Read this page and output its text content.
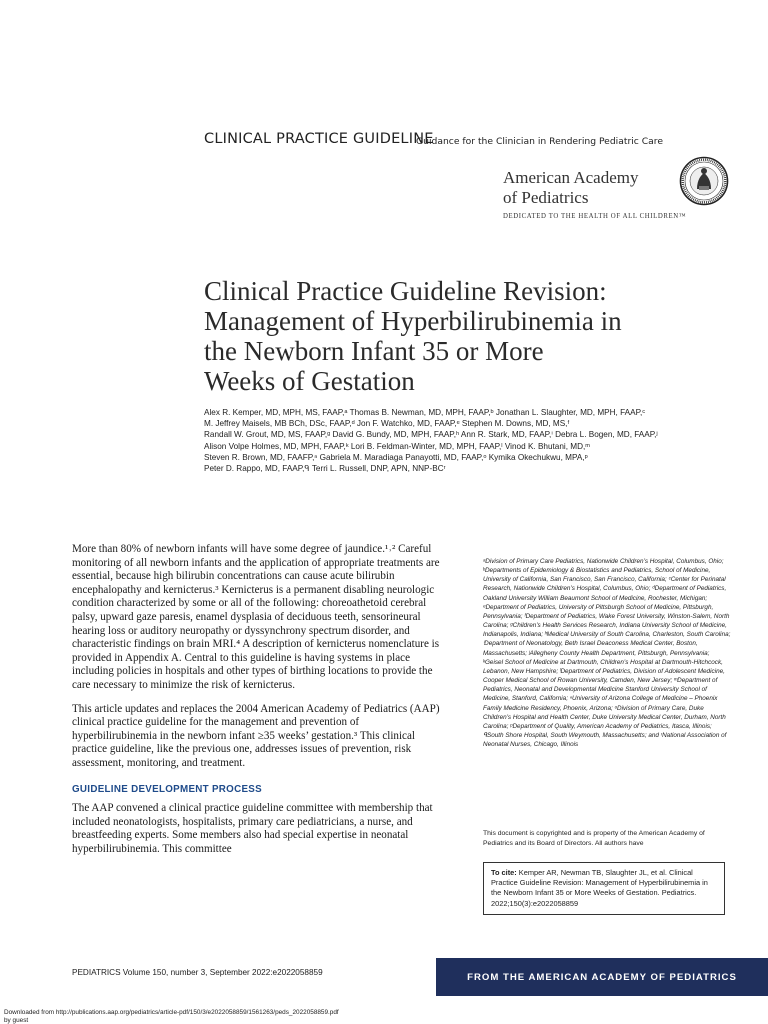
CLINICAL PRACTICE GUIDELINE
Guidance for the Clinician in Rendering Pediatric Care
American Academy
of Pediatrics
DEDICATED TO THE HEALTH OF ALL CHILDREN™
Clinical Practice Guideline Revision:
Management of Hyperbilirubinemia in
the Newborn Infant 35 or More
Weeks of Gestation

Alex R. Kemper, MD, MPH, MS, FAAP,ᵃ Thomas B. Newman, MD, MPH, FAAP,ᵇ Jonathan L. Slaughter, MD, MPH, FAAP,ᶜ

M. Jeffrey Maisels, MB BCh, DSc, FAAP,ᵈ Jon F. Watchko, MD, FAAP,ᵉ Stephen M. Downs, MD, MS,ᶠ

Randall W. Grout, MD, MS, FAAP,ᵍ David G. Bundy, MD, MPH, FAAP,ʰ Ann R. Stark, MD, FAAP,ⁱ Debra L. Bogen, MD, FAAP,ʲ

Alison Volpe Holmes, MD, MPH, FAAP,ᵏ Lori B. Feldman-Winter, MD, MPH, FAAP,ˡ Vinod K. Bhutani, MD,ᵐ

Steven R. Brown, MD, FAAFP,ⁿ Gabriela M. Maradiaga Panayotti, MD, FAAP,ᵒ Kymika Okechukwu, MPA,ᵖ

Peter D. Rappo, MD, FAAP,ᑫ Terri L. Russell, DNP, APN, NNP-BCʳ

More than 80% of newborn infants will have some degree of jaundice.¹˒² Careful monitoring of all newborn infants and the application of appropriate treatments are essential, because high bilirubin concentrations can cause acute bilirubin encephalopathy and kernicterus.³ Kernicterus is a permanent disabling neurologic condition characterized by some or all of the following: choreoathetoid cerebral palsy, upward gaze paresis, enamel dysplasia of deciduous teeth, sensorineural hearing loss or auditory neuropathy or dyssynchrony spectrum disorder, and characteristic findings on brain MRI.⁴ A description of kernicterus nomenclature is provided in Appendix A. Central to this guideline is having systems in place including policies in hospitals and other types of birthing locations to provide the care necessary to minimize the risk of kernicterus.

This article updates and replaces the 2004 American Academy of Pediatrics (AAP) clinical practice guideline for the management and prevention of hyperbilirubinemia in the newborn infant ≥35 weeks’ gestation.³ This clinical practice guideline, like the previous one, addresses issues of prevention, risk assessment, monitoring, and treatment.

GUIDELINE DEVELOPMENT PROCESS

The AAP convened a clinical practice guideline committee with membership that included neonatologists, hospitalists, primary care pediatricians, a nurse, and breastfeeding experts. Some members also had special expertise in neonatal hyperbilirubinemia. This committee

ᵃDivision of Primary Care Pediatrics, Nationwide Children’s Hospital, Columbus, Ohio; ᵇDepartments of Epidemiology & Biostatistics and Pediatrics, School of Medicine, University of California, San Francisco, San Francisco, California; ᶜCenter for Perinatal Research, Nationwide Children’s Hospital, Columbus, Ohio; ᵈDepartment of Pediatrics, Oakland University William Beaumont School of Medicine, Rochester, Michigan; ᵉDepartment of Pediatrics, University of Pittsburgh School of Medicine, Pittsburgh, Pennsylvania; ᶠDepartment of Pediatrics, Wake Forest University, Winston-Salem, North Carolina; ᵍChildren’s Health Services Research, Indiana University School of Medicine, Indianapolis, Indiana; ʰMedical University of South Carolina, Charleston, South Carolina; ⁱDepartment of Neonatology, Beth Israel Deaconess Medical Center, Boston, Massachusetts; ʲAllegheny County Health Department, Pittsburgh, Pennsylvania; ᵏGeisel School of Medicine at Dartmouth, Children’s Hospital at Dartmouth-Hitchcock, Lebanon, New Hampshire; ˡDepartment of Pediatrics, Division of Adolescent Medicine, Cooper Medical School of Rowan University, Camden, New Jersey; ᵐDepartment of Pediatrics, Neonatal and Developmental Medicine Stanford University School of Medicine, Stanford, California; ⁿUniversity of Arizona College of Medicine – Phoenix Family Medicine Residency, Phoenix, Arizona; ᵒDivision of Primary Care, Duke Children’s Hospital and Health Center, Duke University Medical Center, Durham, North Carolina; ᵖDepartment of Quality, American Academy of Pediatrics, Itasca, Illinois; ᑫSouth Shore Hospital, South Weymouth, Massachusetts; and ʳNational Association of Neonatal Nurses, Chicago, Illinois
This document is copyrighted and is property of the American Academy of Pediatrics and its Board of Directors. All authors have
To cite: Kemper AR, Newman TB, Slaughter JL, et al. Clinical Practice Guideline Revision: Management of Hyperbilirubinemia in the Newborn Infant 35 or More Weeks of Gestation. Pediatrics. 2022;150(3):e2022058859
PEDIATRICS Volume 150, number 3, September 2022:e2022058859	FROM THE AMERICAN ACADEMY OF PEDIATRICS
Downloaded from http://publications.aap.org/pediatrics/article-pdf/150/3/e2022058859/1561263/peds_2022058859.pdf
by guest
